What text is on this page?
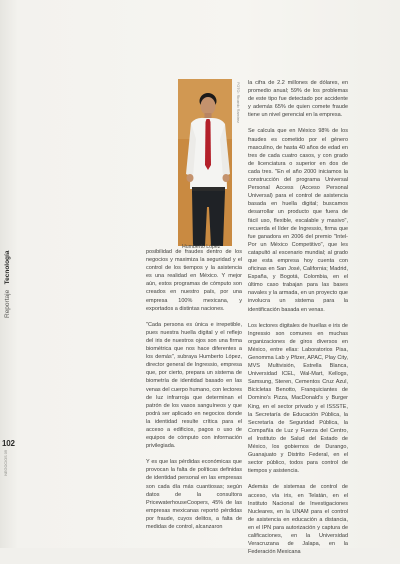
Reportaje   Tecnología
102
NEGOCIOS 09
FOTO: Ricardo Ramírez
Humberto López

posibilidad de fraudes dentro de los negocios y maximiza la seguridad y el control de los tiempos y la asistencia es una realidad en México. Y mejor aún, estos programas de cómputo son creados en nuestro país, por una empresa 100% mexicana, y exportados a distintas naciones.

"Cada persona es única e irrepetible, pues nuestra huella digital y el reflejo del iris de nuestros ojos son una firma biométrica que nos hace diferentes a los demás", subraya Humberto López, director general de Ingressio, empresa que, por cierto, prepara un sistema de biometría de identidad basado en las venas del cuerpo humano, con lectores de luz infrarroja que determinan el patrón de los vasos sanguíneos y que podrá ser aplicado en negocios donde la identidad resulte crítica para el acceso a edificios, pagos o uso de equipos de cómputo con información privilegiada.

Y es que las pérdidas económicas que provocan la falta de políticas definidas de identidad personal en las empresas son cada día más cuantiosas; según datos de la consultora PricewaterhouseCoopers, 45% de las empresas mexicanas reportó pérdidas por fraude, cuyos delitos, a falta de medidas de control, alcanzaron

la cifra de 2.2 millones de dólares, en promedio anual; 59% de los problemas de este tipo fue detectado por accidente y además 65% de quien comete fraude tiene un nivel gerencial en la empresa.

Se calcula que en México 98% de los fraudes es cometido por el género masculino, de hasta 40 años de edad en tres de cada cuatro casos, y con grado de licenciatura o superior en dos de cada tres. "En el año 2000 iniciamos la construcción del programa Universal Personal Access (Acceso Personal Universal) para el control de asistencia basada en huella digital; buscamos desarrollar un producto que fuera de fácil uso, flexible, escalable y masivo", recuerda el líder de Ingressio, firma que fue ganadora en 2006 del premio "Intel-Por un México Competitivo", que les catapultó al escenario mundial; al grado que esta empresa hoy cuenta con oficinas en San José, California; Madrid, España, y Bogotá, Colombia, en el último caso trabajan para las bases navales y la armada, en un proyecto que involucra un sistema para la identificación basada en venas.

Los lectores digitales de huellas e iris de Ingressio son comunes en muchas organizaciones de giros diversos en México, entre ellas: Laboratorios Pisa, Genomma Lab y Pfizer, APAC, Play City, MVS Multivisión, Estrella Blanca, Universidad ICEL, Wal-Mart, Kellogs, Samsung, Steren, Cementos Cruz Azul, Bicicletas Benotto, Franquiciantes de Domino's Pizza, MacDonald's y Burger King, en el sector privado y el ISSSTE, la Secretaría de Educación Pública, la Secretaría de Seguridad Pública, la Compañía de Luz y Fuerza del Centro, el Instituto de Salud del Estado de México, los gobiernos de Durango, Guanajuato y Distrito Federal, en el sector público, todos para control de tiempos y asistencia.

Además de sistemas de control de acceso, vía iris, en Telatán, en el Instituto Nacional de Investigaciones Nucleares, en la UNAM para el control de asistencia en educación a distancia, en el IPN para autorización y captura de calificaciones, en la Universidad Veracruzana de Jalapa, en la Federación Mexicana
